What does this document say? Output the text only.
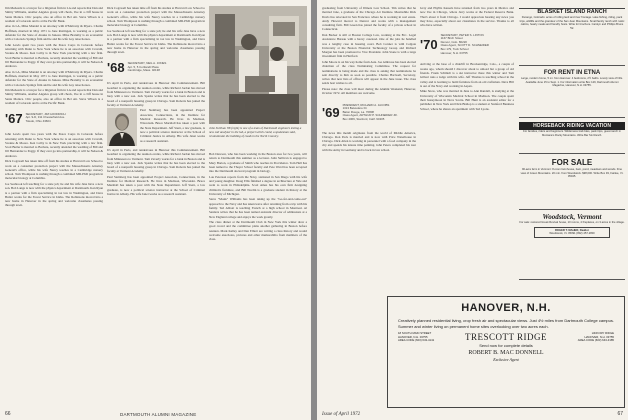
Jim Medeariz is a lawyer for a litigation firm in LA and reports that Dan and Smitty Williams, another Angeles group will check, live in a cliff house in Santa Monica. Chic people, also an office in Bel Air. Steve Wilson is a resident of Colorado and is at the Pacific Bank.

Also in LA, Mike Mandel is an attorney with O'Melveny & Myers. Charlie Hoffman, married in May 1971 to Jane Rottingen, is working as a public defender for the State of Alaska in Juneau. Mike Brennby is an economist with a Colorado Springs firm and he and his wife Gay raise horses.

John Lewis spent two years with the Peace Corps in Colorado before returning with Dunn to New York where he is an associate with Cravath, Swaine & Moore. Ken Colby is in New York practicing with a law firm. Scott Butler is married to Barbara, recently attended the wedding of Bill and Jill Hernandez to Peggy. If they ever go into partnership, it will be Nelson & Andrews.

Also in LA, Mike Mandel is an attorney with O'Melveny & Myers. Charlie Hoffman, married in May 1971 to Jane Rottingen, is working as a public defender for the State of Alaska in Juneau. Mike Brennby is an economist with a Colorado Springs firm and he and his wife Gay raise horses.

Jim Medeariz is a lawyer for a litigation firm in LA and reports that Dan and Smitty Williams, another Angeles group will check, live in a cliff house in Santa Monica. Chic people, also an office in Bel Air. Steve Wilson is a resident of Colorado and is at the Pacific Bank.

'67 SECRETARY, JIM GOODRICH
Apt. 9-D, 311 Chesterfield Ave.
Toledo, Ohio 43604

John Lewis spent two years with the Peace Corps in Colorado before returning with Dunn to New York where he is an associate with Cravath, Swaine & Moore. Ken Colby is in New York practicing with a law firm. Scott Butler is married to Barbara, recently attended the wedding of Bill and Jill Hernandez to Peggy. If they ever go into partnership, it will be Nelson & Andrews.

Dick Cogswell has taken time off from his studies at Harvard Law School to work on a consumer protection project with the Massachusetts Attorney General's office, while his wife Nancy teaches in a Cambridge nursery school. Tom Thompson is rushing through a combined MD-PhD program in molecular biology at Columbia.

Joe Seabrook left teaching for a state job; he and his wife Jane have a new son. Bob Lange is now with the physics department at Dartmouth. Ken Ryan is a partner with a firm specializing in tax law in Washington, and Dave Butler works for the Forest Service in Idaho. The Robinsons moved into a new home in Hanover in the spring and welcome classmates passing through town.

Dick Cogswell has taken time off from his studies at Harvard Law School to work on a consumer protection project with the Massachusetts Attorney General's office, while his wife Nancy teaches in a Cambridge nursery school. Tom Thompson is rushing through a combined MD-PhD program in molecular biology at Columbia.

Joe Seabrook left teaching for a state job; he and his wife Jane have a new son. Bob Lange is now with the physics department at Dartmouth. Ken Ryan is a partner with a firm specializing in tax law in Washington, and Dave Butler works for the Forest Service in Idaho. The Robinsons moved into a new home in Hanover in the spring and welcome classmates passing through town.

'68 SECRETARY, NEIL A. JONES
Apt. 5, 5 Cortlandt Place
Cambridge, Mass. 02138

It's April in Paris, and rendezvous in Hanover this Commencement. Bill Gearhart is organizing the reunion events, while Richard Jordan has moved from Minnesota to Vermont. Tom Zaverly works for a bank in Boston and is busy with a new son. Jack Sparks writes that he has been elected to the board of a nonprofit housing group in Chicago. Sam Roberts has joined the faculty at Vermont Academy.

Paul Steinberg has been appointed Project Associate, Connections, in the Institute for Medical Research. He lives in Madison, Wisconsin. Bruce Marshall has taken a post with the State Department. Jeff Stern, a law graduate, is now a political science instructor at the School of Criminal Justice in Albany. His wife Janet works as a research assistant.

It's April in Paris, and rendezvous in Hanover this Commencement. Bill Gearhart is organizing the reunion events, while Richard Jordan has moved from Minnesota to Vermont. Tom Zaverly works for a bank in Boston and is busy with a new son. Jack Sparks writes that he has been elected to the board of a nonprofit housing group in Chicago. Sam Roberts has joined the faculty at Vermont Academy.

Paul Steinberg has been appointed Project Associate, Connections, in the Institute for Medical Research. He lives in Madison, Wisconsin. Bruce Marshall has taken a post with the State Department. Jeff Stern, a law graduate, is now a political science instructor at the School of Criminal Justice in Albany. His wife Janet works as a research assistant.

John Sullivan '68 (right) is one of a team of Dartmouth engineers testing a new soil analyzer in the lab, a project which could, a spokesman said, revolutionize the building of roads in the North Country.

Bob Dawson, who has been working in the Boston area for two years, will return to Dartmouth this summer as a lecturer. John Sullivan is engaged to Mary Barton, a graduate of Smith who teaches in Providence. Tom Hall has been named to the Thayer School faculty and Pete Ward has been accepted into the Dartmouth doctoral program in biology.

Lou Peterson reports from the Navy, stationed in San Diego with his wife and young daughter. Doug Ellis finished a degree in architecture at Yale and went to work in Philadelphia. Scott Ames has his own firm designing children's furniture, and Bill Nordin is a graduate student in history at the University of Michigan.

Steve "Monk" Williams has been taking up the "Go-fer-and-come-out" approach to the Navy and has taken leave after returning from a trip with his family. Ted Abbott is teaching French at a high school in Montreal. Al Sanders writes that he has been named assistant director of admissions at a New England college and enjoys the work greatly.

The class dinner at the Dartmouth Club in New York this winter drew a good crowd and the committee plans another gathering in Boston before reunion. Mark Kelley and Dan Elliott are writing a class history and would welcome anecdotes, pictures and other memorabilia from members of the class.

66	DARTMOUTH ALUMNI MAGAZINE

graduating from University of Illinois Law School. Tim writes that he married Jane, a graduate of the Chicago Art Institute. Meanwhile Rick Davis has relocated in San Francisco where he is working in real estate. Andy Howard moved to Denver and works with a management consulting firm. Bill Green has joined the faculty of a private school in Connecticut.

Dan Becker is still at Boston College Law, working at the B.C. Legal Assistance Bureau with a heavy caseload. One of the jobs he handled was a lengthy case in housing court. Bob Conner is with Colgate University at the Boston Financial Technology Group and Richard Morgan has been promoted to Vice President. John Stone is with a large investment firm in Hartford.

John Moore is on his way home from Asia. Joe Ambrose has been elected chairman of the class Nominating Committee. The request for nominations is being made and the class is asking that nominations be sent directly to him as soon as possible. Charles Hartwell, Secretary, writes that new lists of officers will appear in the June issue. The class sends best wishes to all.

Please note: the class will meet during the Alumni Weekend, Hanover, October 1972. All members are welcome.

'69
PRESIDENT, RICHARD A. JACOBS
1313 Belvedere Dr.
Baton Rouge, La. 70808
Class Agent, ARTHUR P. SCHNEIDER JR.
Box 4069, Stanford, Calif. 94305

The news this month originates from the world of Middle America, Chicago. Ron Peck is married and is now with Price Waterhouse in Chicago. Dick Allen is working in personnel with a food company in the city and spends his leisure time painting. John Peters completed his tour with the Army in Germany and is back in law school.

Jerry and Phyllis Kassels have returned from two years in Mexico and now live in Chicago, where Jerry works at the Federal Reserve Bank. That's about it from Chicago. I would appreciate hearing any news you may have, especially about our classmates in the service. Thanks to all who have written.

'70
SECRETARY, PETER S. LINTON
1167 Birch Street
Denver, Colo. 80220
Class Agent, SCOTT D. SCHNEIDER
Box 179, Tuck School
Hanover, N.H. 03755

Arriving at the base of a chairlift in Breckenridge, Colo., a couple of weeks ago, whom should I discover about to unload but a group of old friends. Frank Schmidt is a ski instructor there this winter and Tom Gilbert runs a lodge with his wife. Jeff Thomas is teaching school in the valley and is learning to build furniture from an old craftsman. Dave Hill is out of the Navy and working in Aspen.

Mike Snow, who was married in June to Ann Randall, is studying at the University of Wisconsin Medical School in Madison. The couple spent their honeymoon in Nova Scotia. Bill Hunt is an assistant editor for a publisher in New York and Dick Bishop is a student at Stanford Business School, where he shares an apartment with Ted Lyons.

BLASKET ISLAND RANCH
Durango, Colorado: acres of rolling land and river frontage. Lake fishing, riding, pack trips, wildlife and the grandeur of the San Juan Mountains. Small family ranch with rustic cabins, hearty meals and friendly hosts. Write for brochure. Carolyn and Phillips Bruns '52.
FOR RENT IN ETNA
Large, modern home, 5 mi. from Hanover. 4 bedrooms, 2½ baths. Lovely view of hills. Available June 15 to Sept. 1. For information write Box 129, Dartmouth Alumni Magazine, Hanover, N.H. 03755.
HORSEBACK RIDING VACATION
For families, riders and beginners. Wilderness trail rides, pack trips, guest ranch in Montana's Rocky Mountains. Write Bar Six Ranch.
FOR SALE
90-acre farm in Vermont: 8-room farmhouse, barn, pond, meadows and woods. Fine view of Green Mountains. 20 min. from Woodstock. $98,000. Write Box 93, Fairlee, Vt. 05045.
Woodstock, Vermont
For sale: restored Greek Revival house, 10 rooms, 4 fireplaces, on 3 acres in the village.
ROGER T. MAHER, Realtor
Woodstock, Vt. 05091 (802) 457-2800
HANOVER, N.H.
Creatively planned residential living, crop fresh air and spectacular views. Just 4½ miles from Dartmouth College campus. Summer and winter living on permanent home sites overlooking over two acres each.
18 SOUTH MAIN STREET
HANOVER, N.H. 03755
AREA CODE (603) 643-4141	TRESCOTT RIDGE
Send now for complete details
ROBERT B. MAC DONNELL
Exclusive Agent
HICKORY RIDGE
HANOVER, N.H. 03755
AREA CODE (603) 643-3185
Issue of April 1972	67
